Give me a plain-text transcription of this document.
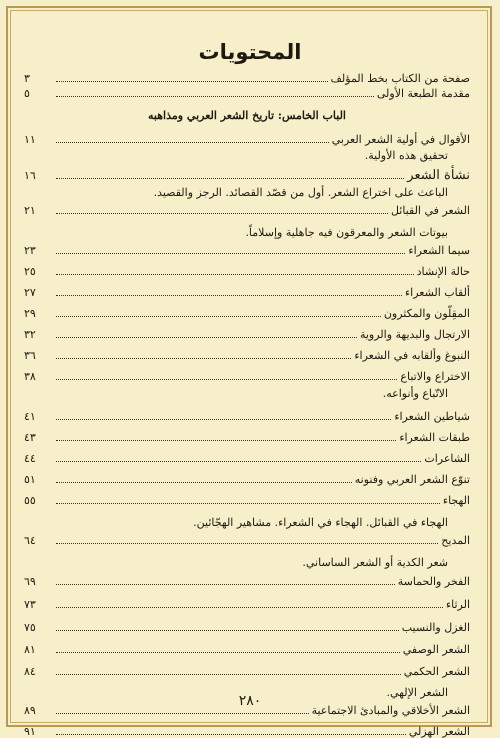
المحتويات
صفحة من الكتاب بخط المؤلف
٣
مقدمة الطبعة الأولى
٥
الباب الخامس: تاريخ الشعر العربي ومذاهبه
الأقوال في أولية الشعر العربي
١١
تحقيق هذه الأولية.
نشأة الشعر
١٦
الباعث على اختراع الشعر. أول من قصّد القصائد. الرجز والقصيد.
الشعر في القبائل
٢١
بيوتات الشعر والمعرقون فيه جاهلية وإسلاماً.
سيما الشعراء
٢٣
حالة الإنشاد
٢٥
ألقاب الشعراء
٢٧
المقِلّون والمكثرون
٢٩
الارتجال والبديهة والروية
٣٢
النبوغ وألقابه في الشعراء
٣٦
الاختراع والاتباع
٣٨
الاتّباع وأنواعه.
شياطين الشعراء
٤١
طبقات الشعراء
٤٣
الشاعرات
٤٤
تنوّع الشعر العربي وفنونه
٥١
الهجاء
٥٥
الهجاء في القبائل. الهجاء في الشعراء. مشاهير الهجّائين.
المديح
٦٤
شعر الكدية أو الشعر الساساني.
الفخر والحماسة
٦٩
الرثاء
٧٣
الغزل والنسيب
٧٥
الشعر الوصفي
٨١
الشعر الحكمي
٨٤
الشعر الإلهي.
الشعر الأخلاقي والمبادئ الاجتماعية
٨٩
الشعر الهزلي
٩١
٢٨٠
